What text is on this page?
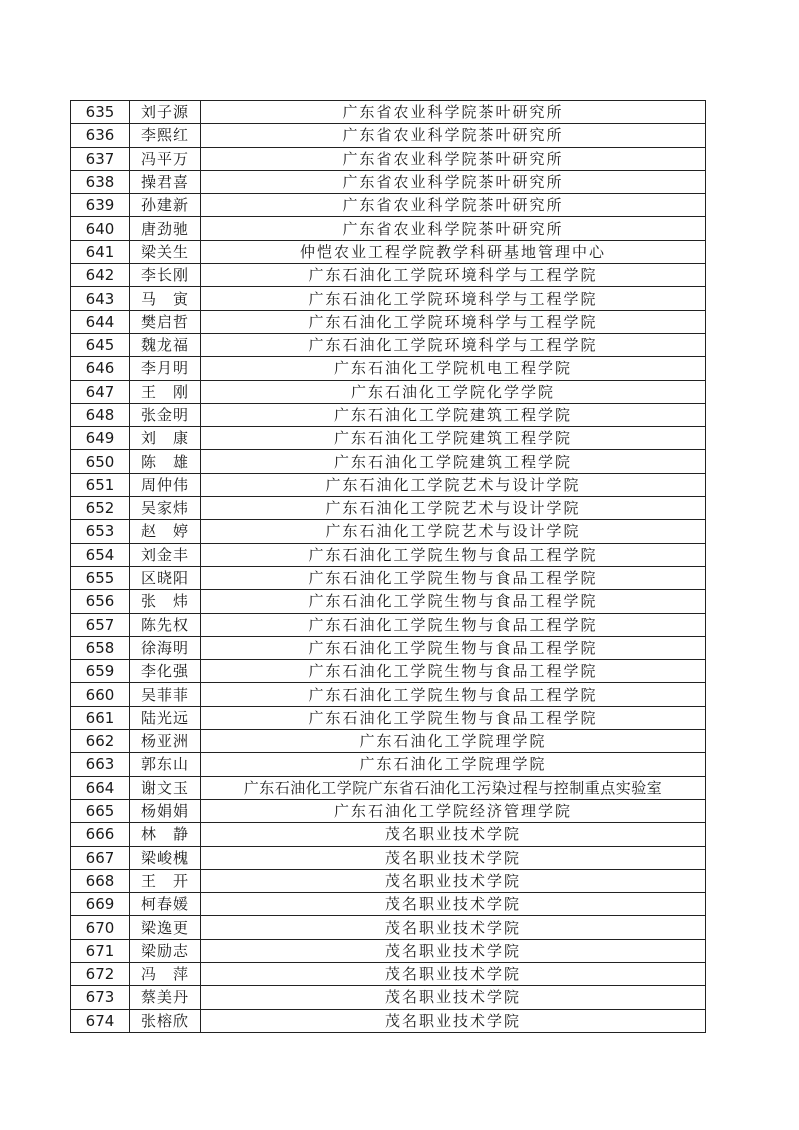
635	刘子源	广东省农业科学院茶叶研究所
636	李熙红	广东省农业科学院茶叶研究所
637	冯平万	广东省农业科学院茶叶研究所
638	操君喜	广东省农业科学院茶叶研究所
639	孙建新	广东省农业科学院茶叶研究所
640	唐劲驰	广东省农业科学院茶叶研究所
641	梁关生	仲恺农业工程学院教学科研基地管理中心
642	李长刚	广东石油化工学院环境科学与工程学院
643	马　寅	广东石油化工学院环境科学与工程学院
644	樊启哲	广东石油化工学院环境科学与工程学院
645	魏龙福	广东石油化工学院环境科学与工程学院
646	李月明	广东石油化工学院机电工程学院
647	王　刚	广东石油化工学院化学学院
648	张金明	广东石油化工学院建筑工程学院
649	刘　康	广东石油化工学院建筑工程学院
650	陈　雄	广东石油化工学院建筑工程学院
651	周仲伟	广东石油化工学院艺术与设计学院
652	吴家炜	广东石油化工学院艺术与设计学院
653	赵　婷	广东石油化工学院艺术与设计学院
654	刘金丰	广东石油化工学院生物与食品工程学院
655	区晓阳	广东石油化工学院生物与食品工程学院
656	张　炜	广东石油化工学院生物与食品工程学院
657	陈先权	广东石油化工学院生物与食品工程学院
658	徐海明	广东石油化工学院生物与食品工程学院
659	李化强	广东石油化工学院生物与食品工程学院
660	吴菲菲	广东石油化工学院生物与食品工程学院
661	陆光远	广东石油化工学院生物与食品工程学院
662	杨亚洲	广东石油化工学院理学院
663	郭东山	广东石油化工学院理学院
664	谢文玉	广东石油化工学院广东省石油化工污染过程与控制重点实验室
665	杨娟娟	广东石油化工学院经济管理学院
666	林　静	茂名职业技术学院
667	梁峻槐	茂名职业技术学院
668	王　开	茂名职业技术学院
669	柯春媛	茂名职业技术学院
670	梁逸更	茂名职业技术学院
671	梁励志	茂名职业技术学院
672	冯　萍	茂名职业技术学院
673	蔡美丹	茂名职业技术学院
674	张榕欣	茂名职业技术学院
